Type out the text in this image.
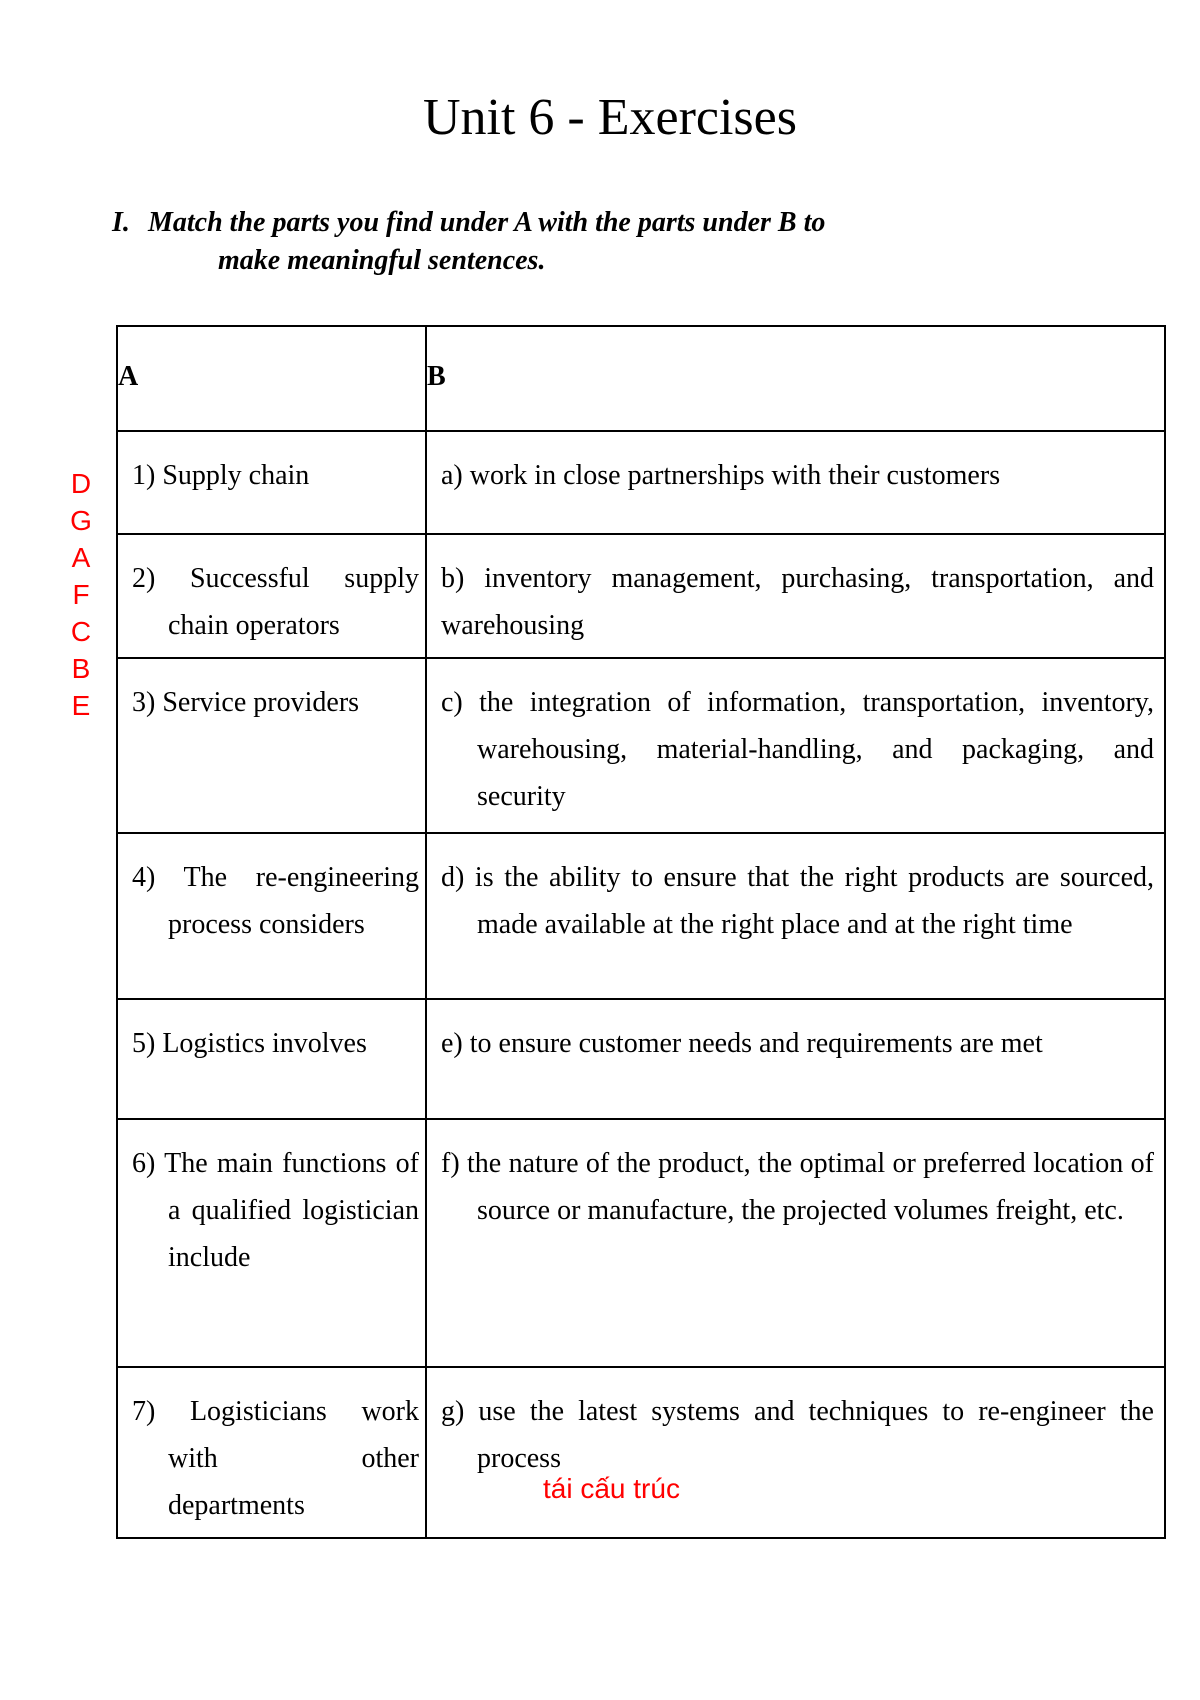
Unit 6 - Exercises
I. Match the parts you find under A with the parts under B to
make meaningful sentences.
D
G
A
F
C
B
E
A	B

1) Supply chain	a) work in close partnerships with their customers

2) Successful supply chain operators	b) inventory management, purchasing, transportation, and warehousing

3) Service providers	c) the integration of information, transportation, inventory, warehousing, material-handling, and packaging, and security

4) The re-engineering process considers	d) is the ability to ensure that the right products are sourced, made available at the right place and at the right time

5) Logistics involves	e) to ensure customer needs and requirements are met

6) The main functions of a qualified logistician include	f) the nature of the product, the optimal or preferred location of source or manufacture, the projected volumes freight, etc.

7) Logisticians work with other departments	g) use the latest systems and techniques to re-engineer the process
tái cấu trúc
